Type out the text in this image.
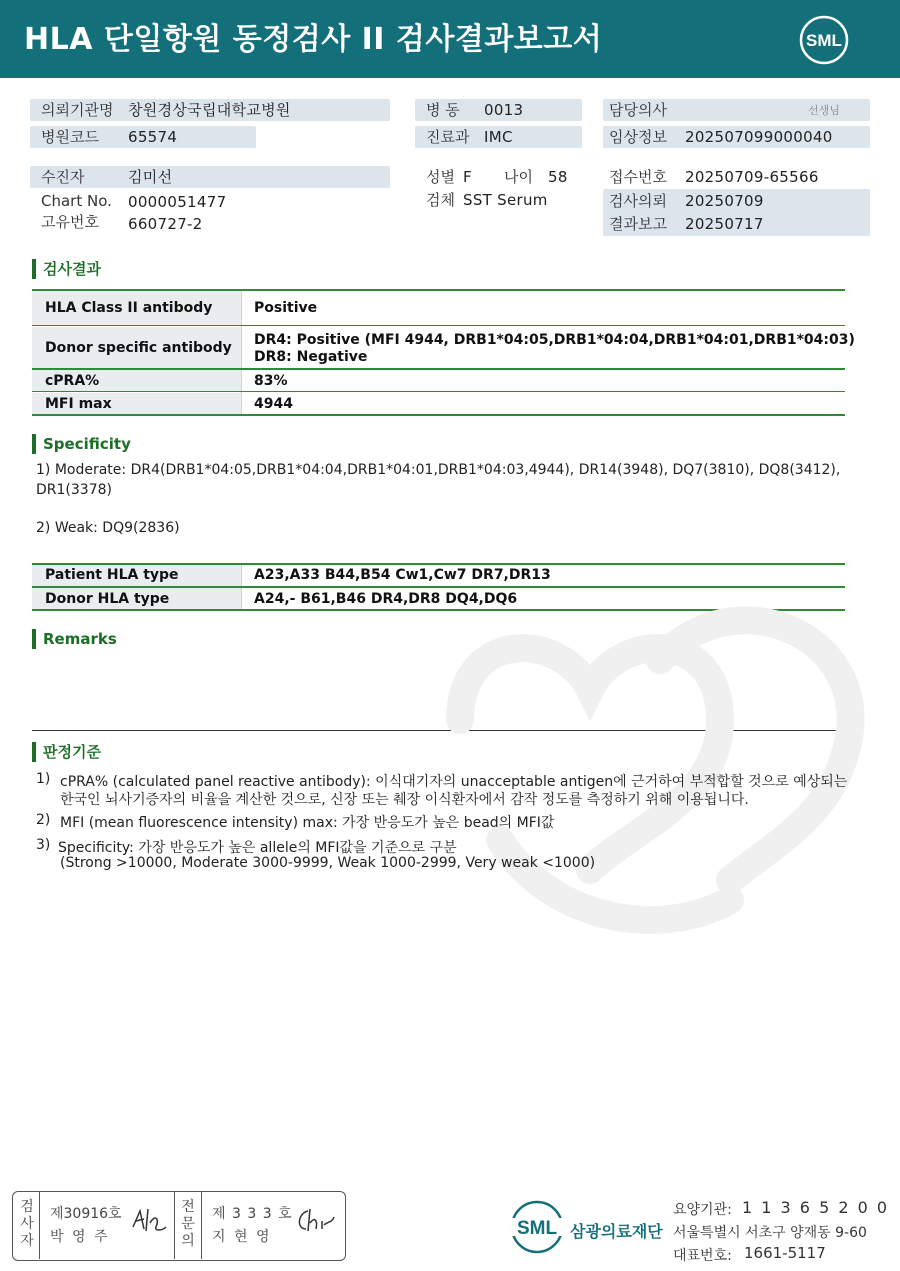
HLA 단일항원 동정검사 II 검사결과보고서	SML
의뢰기관명 창원경상국립대학교병원	병 동 0013	담당의사	선생님
병원코드 65574	진료과 IMC	임상정보 202507099000040
수진자	김미선	성별 F 나이 58	접수번호 20250709-65566
Chart No. 0000051477	검체 SST Serum	검사의뢰 20250709
고유번호 660727-2	결과보고 20250717
검사결과
HLA Class II antibody	Positive
Donor specific antibody DR4: Positive (MFI 4944, DRB1*04:05,DRB1*04:04,DRB1*04:01,DRB1*04:03)
DR8: Negative
cPRA%	83%
MFI max	4944
Specificity
1) Moderate: DR4(DRB1*04:05,DRB1*04:04,DRB1*04:01,DRB1*04:03,4944), DR14(3948), DQ7(3810), DQ8(3412),
DR1(3378)
2) Weak: DQ9(2836)
Patient HLA type	A23,A33 B44,B54 Cw1,Cw7 DR7,DR13
Donor HLA type	A24,- B61,B46 DR4,DR8 DQ4,DQ6
Remarks
판정기준
1) cPRA% (calculated panel reactive antibody): 이식대기자의 unacceptable antigen에 근거하여 부적합할 것으로 예상되는
한국인 뇌사기증자의 비율을 계산한 것으로, 신장 또는 췌장 이식환자에서 감작 정도를 측정하기 위해 이용됩니다.
2) MFI (mean fluorescence intensity) max: 가장 반응도가 높은 bead의 MFI값
3) Specificity: 가장 반응도가 높은 allele의 MFI값을 기준으로 구분
(Strong >10000, Moderate 3000-9999, Weak 1000-2999, Very weak <1000)
검
사
자
제30916호
박 영 주
전
문
의
제 3 3 3 호
지 현 영	SML 삼광의료재단
요양기관: 1 1 3 6 5 2 0 0
서울특별시 서초구 양재동 9-60
대표번호: 1661-5117
